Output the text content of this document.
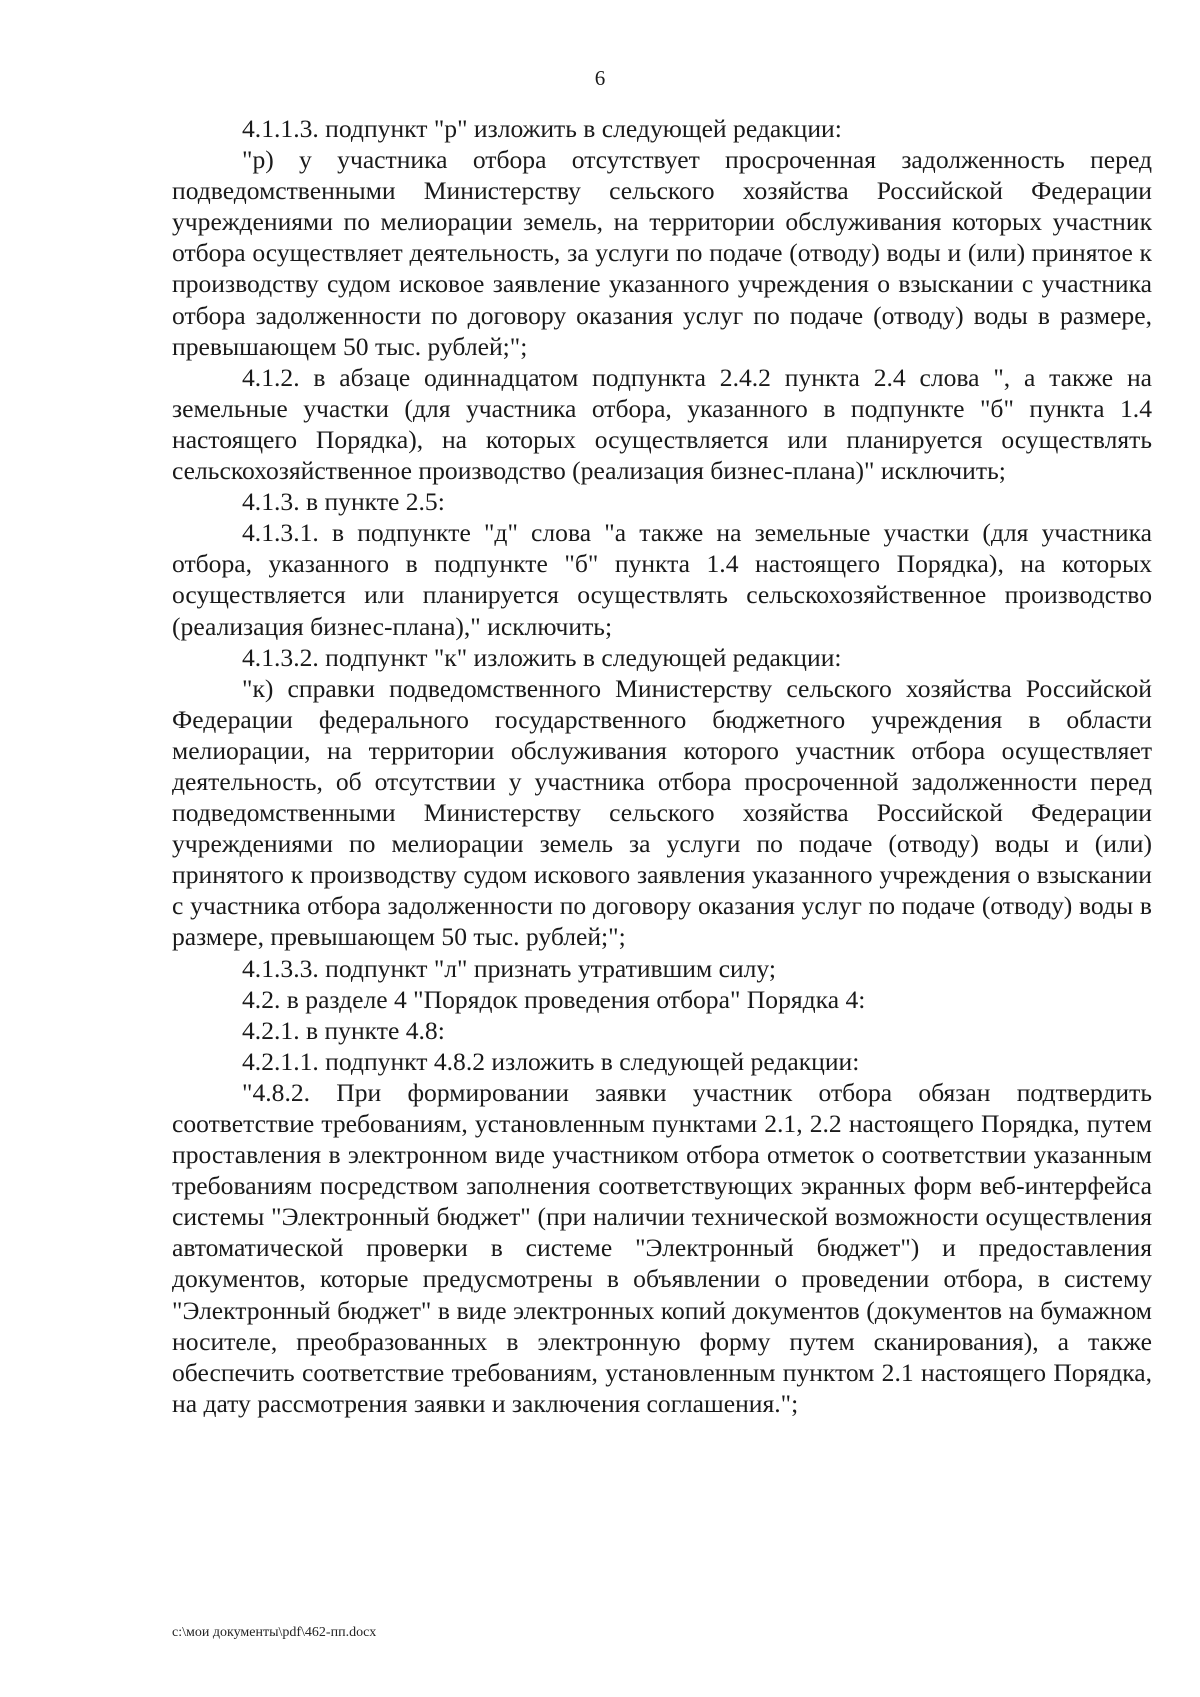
6

4.1.1.3. подпункт "р" изложить в следующей редакции:

"р) у участника отбора отсутствует просроченная задолженность перед подведомственными Министерству сельского хозяйства Российской Федерации учреждениями по мелиорации земель, на территории обслуживания которых участник отбора осуществляет деятельность, за услуги по подаче (отводу) воды и (или) принятое к производству судом исковое заявление указанного учреждения о взыскании с участника отбора задолженности по договору оказания услуг по подаче (отводу) воды в размере, превышающем 50 тыс. рублей;";

4.1.2. в абзаце одиннадцатом подпункта 2.4.2 пункта 2.4 слова ", а также на земельные участки (для участника отбора, указанного в подпункте "б" пункта 1.4 настоящего Порядка), на которых осуществляется или планируется осуществлять сельскохозяйственное производство (реализация бизнес-плана)" исключить;

4.1.3. в пункте 2.5:

4.1.3.1. в подпункте "д" слова "а также на земельные участки (для участника отбора, указанного в подпункте "б" пункта 1.4 настоящего Порядка), на которых осуществляется или планируется осуществлять сельскохозяйственное производство (реализация бизнес-плана)," исключить;

4.1.3.2. подпункт "к" изложить в следующей редакции:

"к) справки подведомственного Министерству сельского хозяйства Российской Федерации федерального государственного бюджетного учреждения в области мелиорации, на территории обслуживания которого участник отбора осуществляет деятельность, об отсутствии у участника отбора просроченной задолженности перед подведомственными Министерству сельского хозяйства Российской Федерации учреждениями по мелиорации земель за услуги по подаче (отводу) воды и (или) принятого к производству судом искового заявления указанного учреждения о взыскании с участника отбора задолженности по договору оказания услуг по подаче (отводу) воды в размере, превышающем 50 тыс. рублей;";

4.1.3.3. подпункт "л" признать утратившим силу;

4.2. в разделе 4 "Порядок проведения отбора" Порядка 4:

4.2.1. в пункте 4.8:

4.2.1.1. подпункт 4.8.2 изложить в следующей редакции:

"4.8.2. При формировании заявки участник отбора обязан подтвердить соответствие требованиям, установленным пунктами 2.1, 2.2 настоящего Порядка, путем проставления в электронном виде участником отбора отметок о соответствии указанным требованиям посредством заполнения соответствующих экранных форм веб-интерфейса системы "Электронный бюджет" (при наличии технической возможности осуществления автоматической проверки в системе "Электронный бюджет") и предоставления документов, которые предусмотрены в объявлении о проведении отбора, в систему "Электронный бюджет" в виде электронных копий документов (документов на бумажном носителе, преобразованных в электронную форму путем сканирования), а также обеспечить соответствие требованиям, установленным пунктом 2.1 настоящего Порядка, на дату рассмотрения заявки и заключения соглашения.";

c:\мои документы\pdf\462-пп.docx
